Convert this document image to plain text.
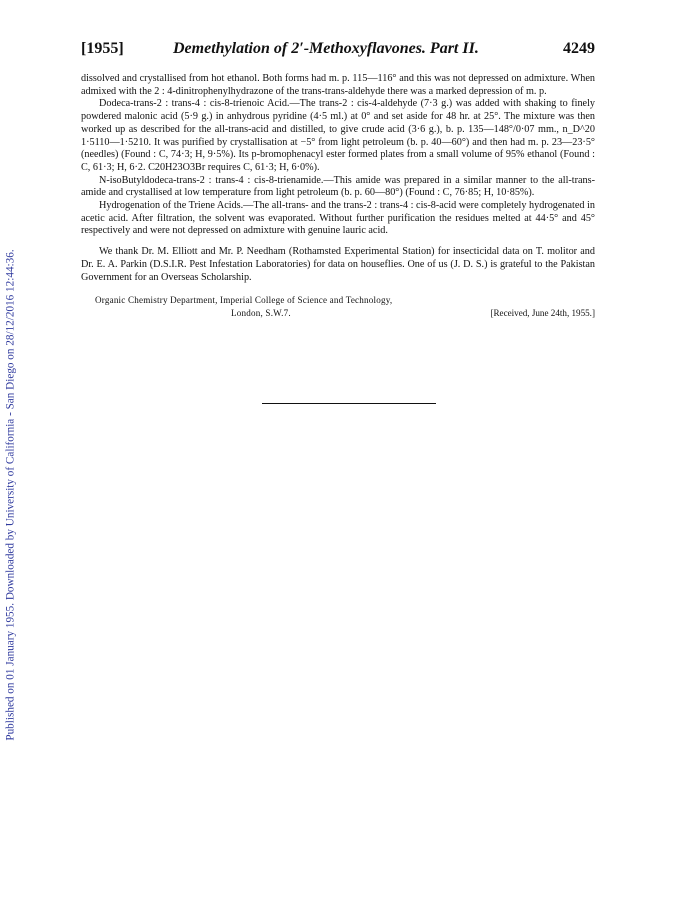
Published on 01 January 1955. Downloaded by University of California - San Diego on 28/12/2016 12:44:36.
[1955]	Demethylation of 2′-Methoxyflavones. Part II.	4249

dissolved and crystallised from hot ethanol. Both forms had m. p. 115—116° and this was not depressed on admixture. When admixed with the 2 : 4-dinitrophenylhydrazone of the trans-trans-aldehyde there was a marked depression of m. p.

Dodeca-trans-2 : trans-4 : cis-8-trienoic Acid.—The trans-2 : cis-4-aldehyde (7·3 g.) was added with shaking to finely powdered malonic acid (5·9 g.) in anhydrous pyridine (4·5 ml.) at 0° and set aside for 48 hr. at 25°. The mixture was then worked up as described for the all-trans-acid and distilled, to give crude acid (3·6 g.), b. p. 135—148°/0·07 mm., n_D^20 1·5110—1·5210. It was purified by crystallisation at −5° from light petroleum (b. p. 40—60°) and then had m. p. 23—23·5° (needles) (Found : C, 74·3; H, 9·5%). Its p-bromophenacyl ester formed plates from a small volume of 95% ethanol (Found : C, 61·3; H, 6·2. C20H23O3Br requires C, 61·3; H, 6·0%).

N-isoButyldodeca-trans-2 : trans-4 : cis-8-trienamide.—This amide was prepared in a similar manner to the all-trans-amide and crystallised at low temperature from light petroleum (b. p. 60—80°) (Found : C, 76·85; H, 10·85%).

Hydrogenation of the Triene Acids.—The all-trans- and the trans-2 : trans-4 : cis-8-acid were completely hydrogenated in acetic acid. After filtration, the solvent was evaporated. Without further purification the residues melted at 44·5° and 45° respectively and were not depressed on admixture with genuine lauric acid.

We thank Dr. M. Elliott and Mr. P. Needham (Rothamsted Experimental Station) for insecticidal data on T. molitor and Dr. E. A. Parkin (D.S.I.R. Pest Infestation Laboratories) for data on houseflies. One of us (J. D. S.) is grateful to the Pakistan Government for an Overseas Scholarship.

Organic Chemistry Department, Imperial College of Science and Technology,
London, S.W.7.	[Received, June 24th, 1955.]
